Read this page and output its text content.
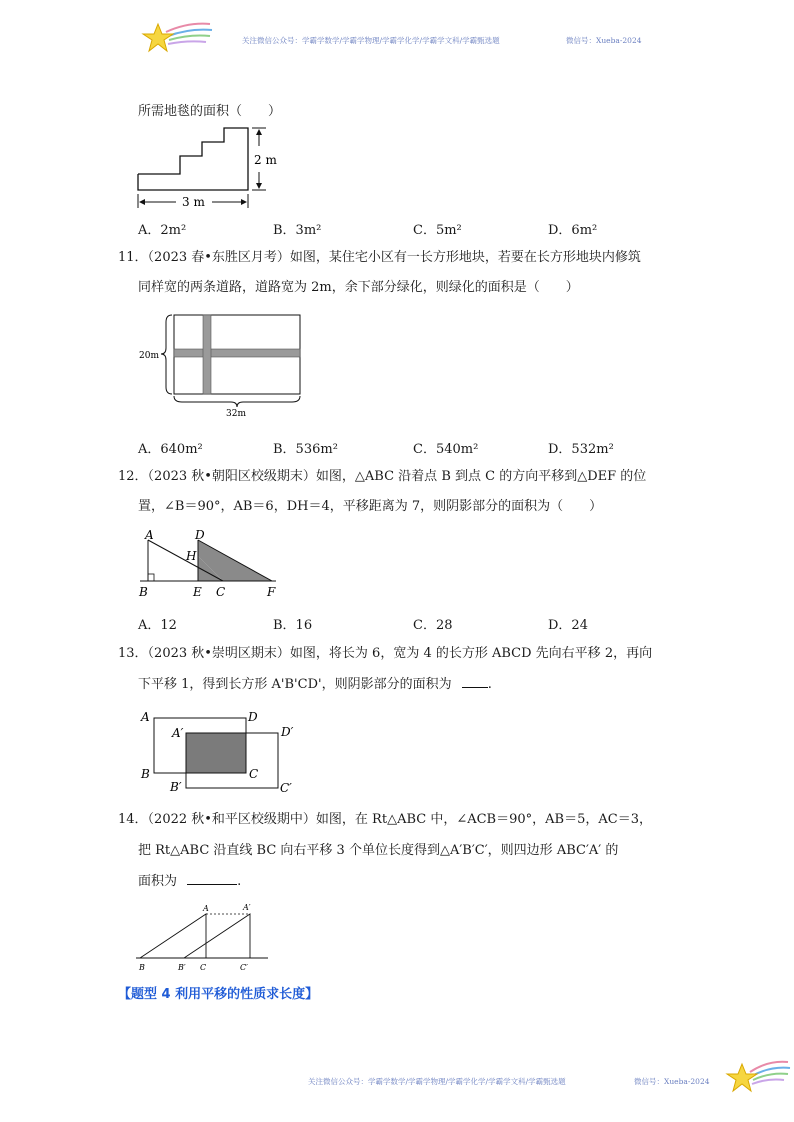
关注微信公众号：学霸学数学/学霸学物理/学霸学化学/学霸学文科/学霸甄选题	微信号：Xueba-2024
所需地毯的面积（　　）
2 m
3 m
A．2m²	B．3m²	C．5m²	D．6m²
11．（2023 春•东胜区月考）如图，某住宅小区有一长方形地块，若要在长方形地块内修筑
同样宽的两条道路，道路宽为 2m，余下部分绿化，则绿化的面积是（　　）
20m
32m
A．640m²	B．536m²	C．540m²	D．532m²
12．（2023 秋•朝阳区校级期末）如图，△ABC 沿着点 B 到点 C 的方向平移到△DEF 的位
置，∠B＝90°，AB＝6，DH＝4，平移距离为 7，则阴影部分的面积为（　　）
A	D
H
B	E C	F
A．12	B．16	C．28	D．24
13．（2023 秋•崇明区期末）如图，将长为 6，宽为 4 的长方形 ABCD 先向右平移 2，再向
下平移 1，得到长方形 A'B'CD'，则阴影部分的面积为	.
A	D
A′	D′
B	C
B′	C′
14．（2022 秋•和平区校级期中）如图，在 Rt△ABC 中，∠ACB＝90°，AB＝5，AC＝3，
把 Rt△ABC 沿直线 BC 向右平移 3 个单位长度得到△A′B′C′，则四边形 ABC′A′ 的
面积为	.
A	A′
B	B′ C	C′
【题型 4 利用平移的性质求长度】
关注微信公众号：学霸学数学/学霸学物理/学霸学化学/学霸学文科/学霸甄选题	微信号：Xueba-2024
